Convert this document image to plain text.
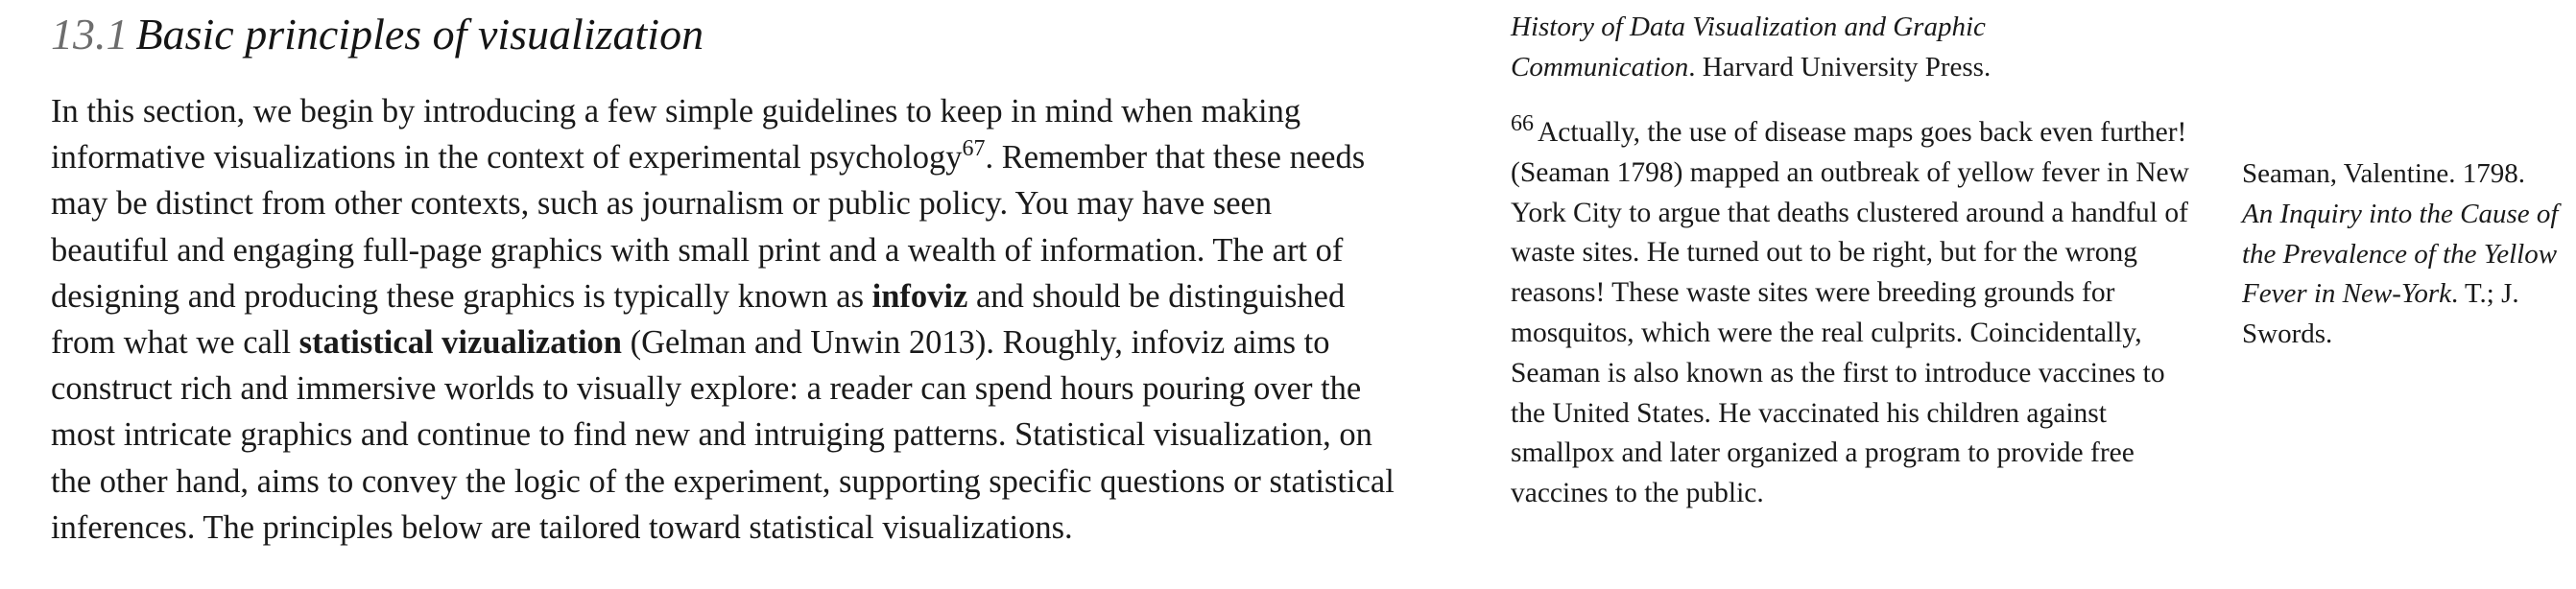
13.1 Basic principles of visualization

In this section, we begin by introducing a few simple guidelines to keep in mind when making informative visualizations in the context of experimental psychology$^{67}$. Remember that these needs may be distinct from other contexts, such as journalism or public policy. You may have seen beautiful and engaging full-page graphics with small print and a wealth of information. The art of designing and producing these graphics is typically known as infoviz and should be distinguished from what we call statistical vizualization (Gelman and Unwin 2013). Roughly, infoviz aims to construct rich and immersive worlds to visually explore: a reader can spend hours pouring over the most intricate graphics and continue to find new and intruiging patterns. Statistical visualization, on the other hand, aims to convey the logic of the experiment, supporting specific questions or statistical inferences. The principles below are tailored toward statistical visualizations.

History of Data Visualization and Graphic Communication. Harvard University Press.

$^{66}$ Actually, the use of disease maps goes back even further! (Seaman 1798) mapped an outbreak of yellow fever in New York City to argue that deaths clustered around a handful of waste sites. He turned out to be right, but for the wrong reasons! These waste sites were breeding grounds for mosquitos, which were the real culprits. Coincidentally, Seaman is also known as the first to introduce vaccines to the United States. He vaccinated his children against smallpox and later organized a program to provide free vaccines to the public.

Seaman, Valentine. 1798.
An Inquiry into the Cause of the Prevalence of the Yellow Fever in New-York. T.; J. Swords.
